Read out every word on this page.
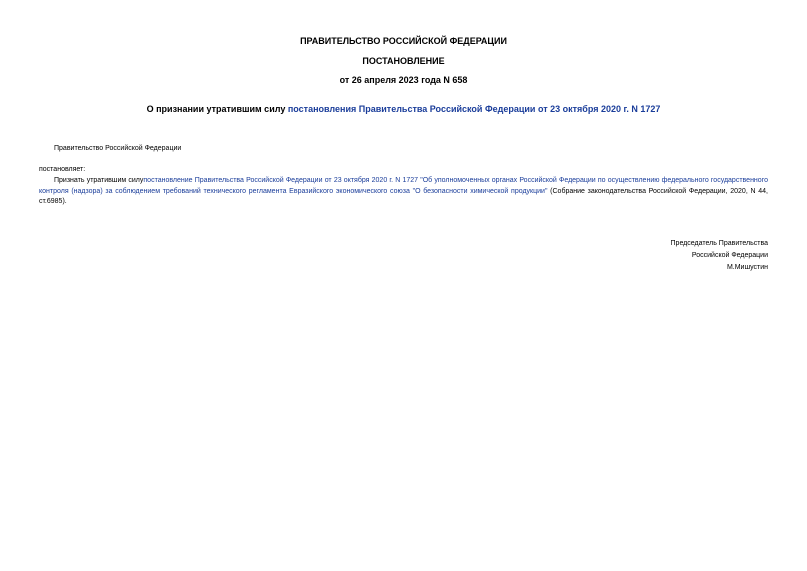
ПРАВИТЕЛЬСТВО РОССИЙСКОЙ ФЕДЕРАЦИИ
ПОСТАНОВЛЕНИЕ
от 26 апреля 2023 года N 658
О признании утратившим силу постановления Правительства Российской Федерации от 23 октября 2020 г. N 1727
Правительство Российской Федерации
постановляет:
Признать утратившим силупостановление Правительства Российской Федерации от 23 октября 2020 г. N 1727 "Об уполномоченных органах Российской Федерации по осуществлению федерального государственного контроля (надзора) за соблюдением требований технического регламента Евразийского экономического союза "О безопасности химической продукции" (Собрание законодательства Российской Федерации, 2020, N 44, ст.6985).
Председатель Правительства
Российской Федерации
М.Мишустин
